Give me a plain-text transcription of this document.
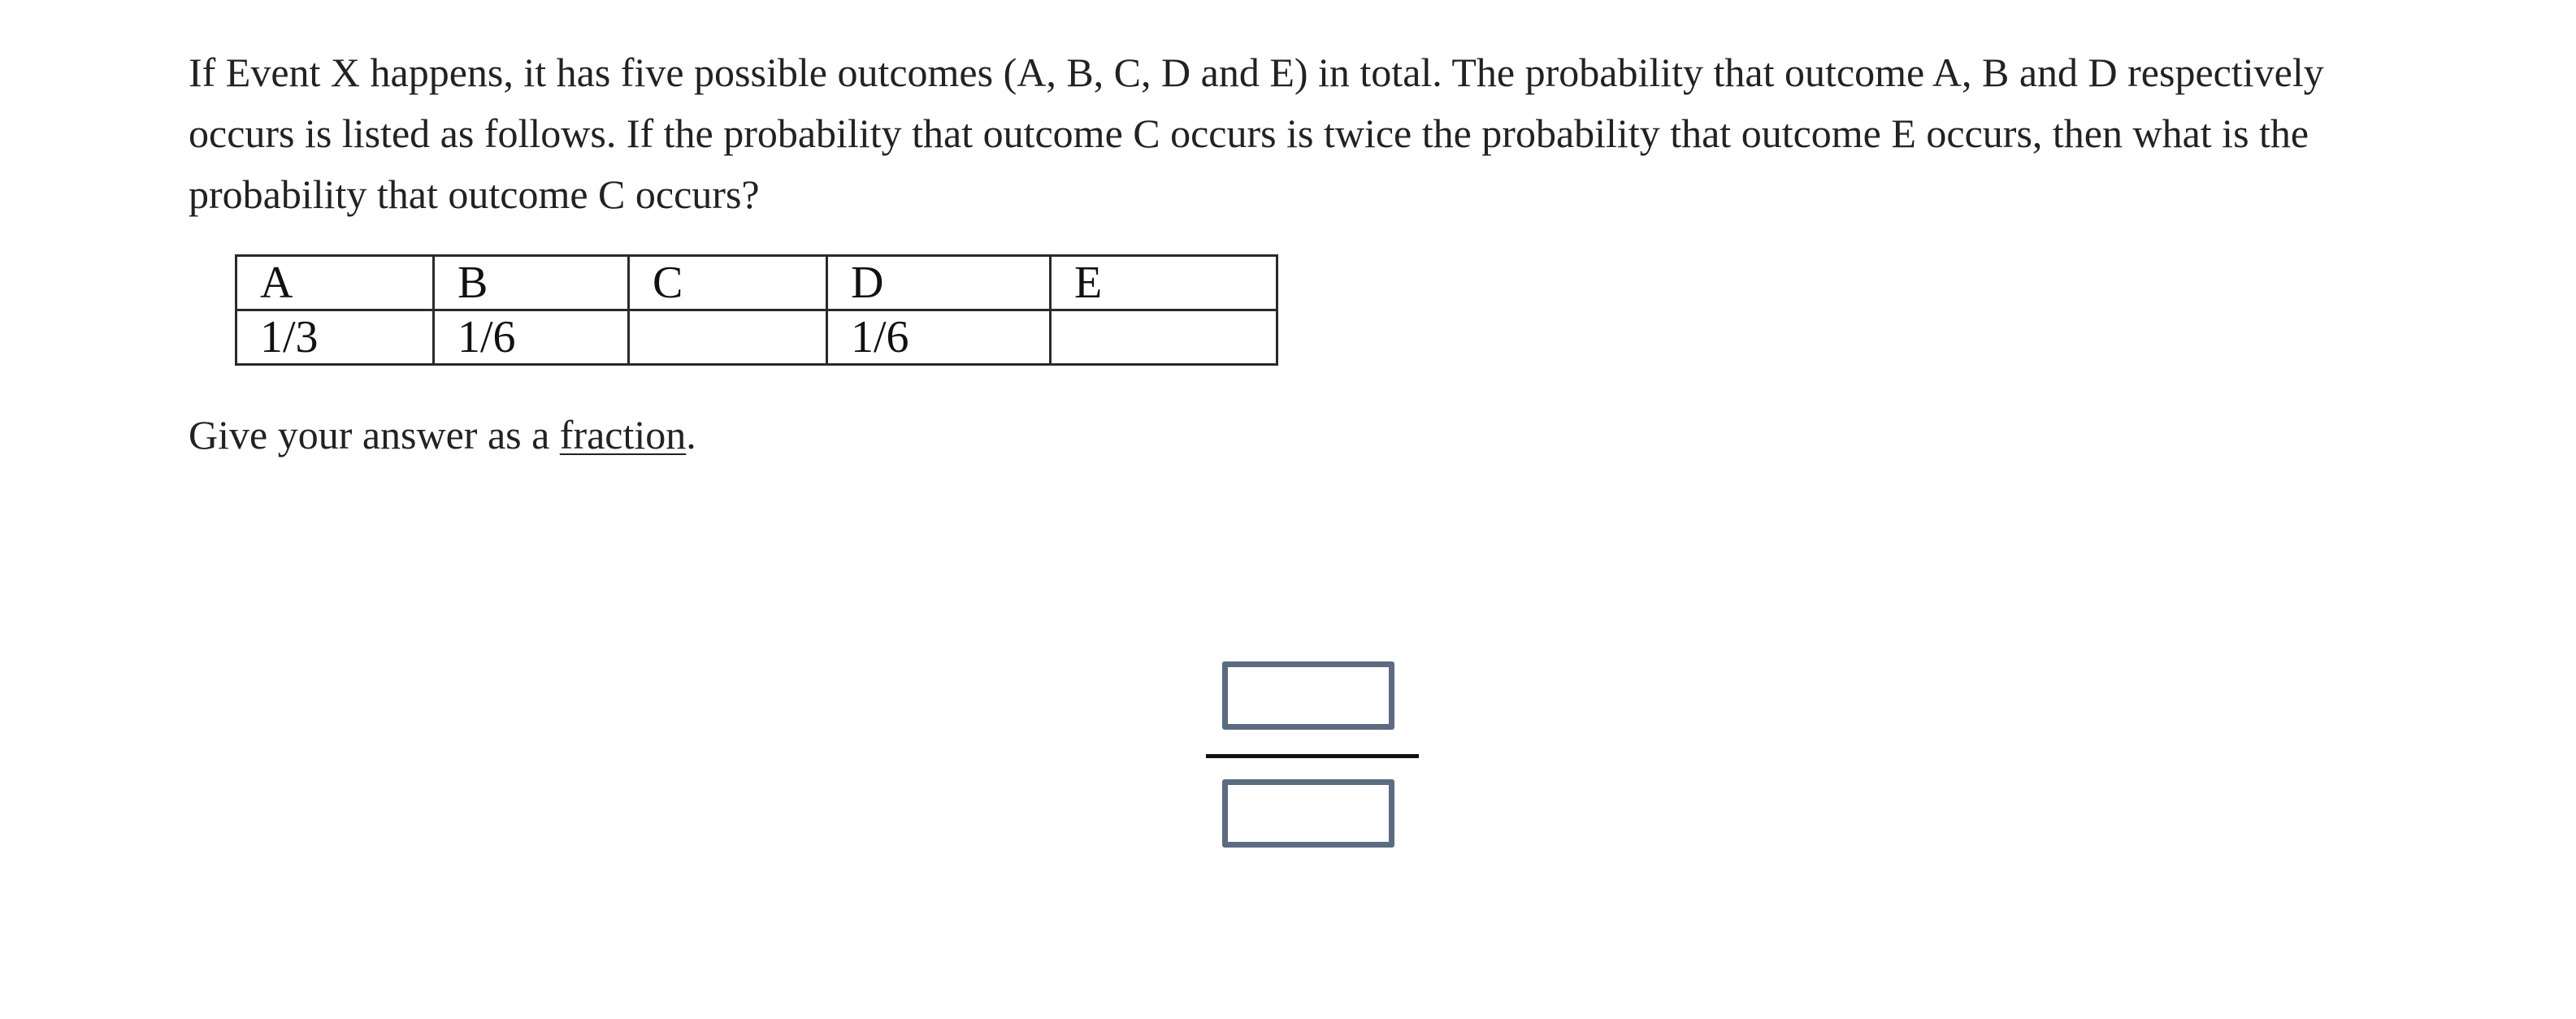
If Event X happens, it has five possible outcomes (A, B, C, D and E) in total. The probability that outcome A, B and D respectively occurs is listed as follows. If the probability that outcome C occurs is twice the probability that outcome E occurs, then what is the probability that outcome C occurs?

A	B	C	D	E
1/3	1/6		1/6	

Give your answer as a fraction.
